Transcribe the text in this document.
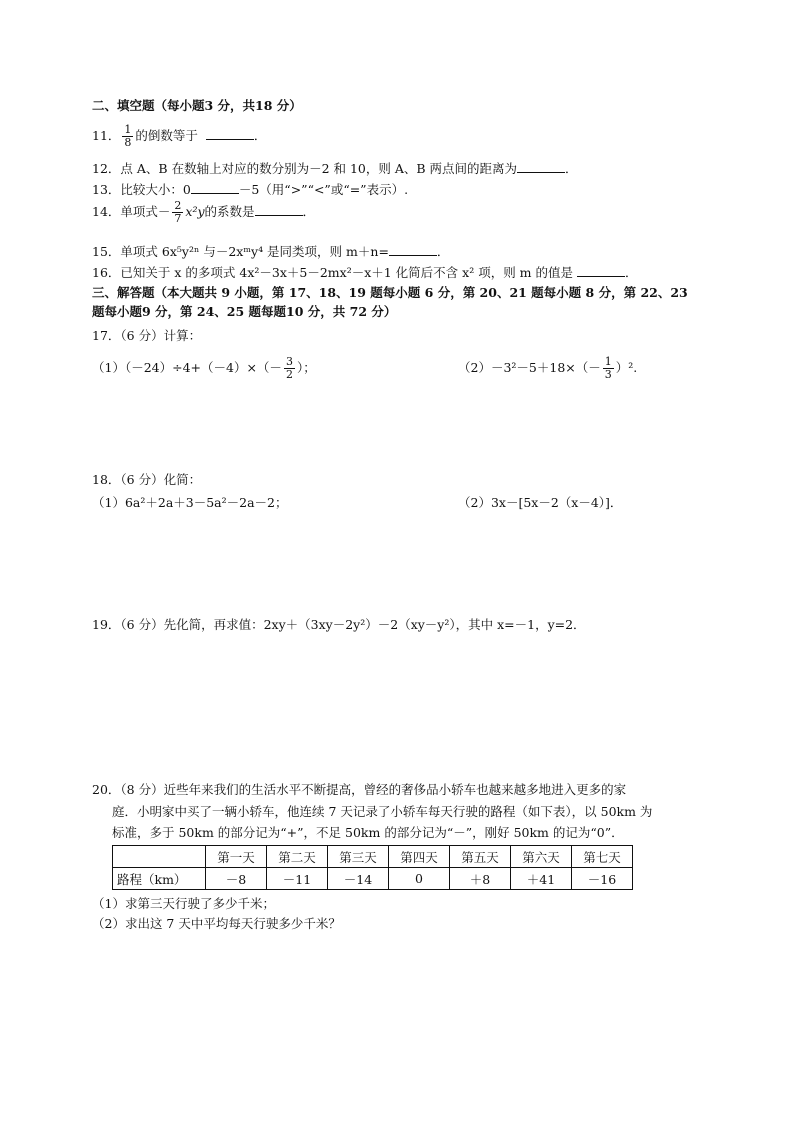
二、填空题（每小题3 分，共18 分）
11． $\frac{1}{8}$ 的倒数等于	．
12．点 A、B 在数轴上对应的数分别为－2 和 10，则 A、B 两点间的距离为	．
13．比较大小：0	－5（用“>”“<”或“=”表示）.
14．单项式－ $\frac{2}{7} x^2y$的系数是	．
15．单项式 6x⁵y²ⁿ 与－2xᵐy⁴ 是同类项，则 m＋n=	．
16．已知关于 x 的多项式 4x²－3x＋5－2mx²－x＋1 化简后不含 x² 项，则 m 的值是	．
三、解答题（本大题共 9 小题，第 17、18、19 题每小题 6 分，第 20、21 题每小题 8 分，第 22、23
题每小题9 分，第 24、25 题每题10 分，共 72 分）
17．（6 分）计算：
$(1)(-24)\div 4+(-4)\times(- \frac{3}{2}$ ）；	$(2)-3^2-5+18\times(- \frac{1}{3} )^2$.
18．（6 分）化简：
（1）6a²＋2a＋3－5a²－2a－2；	（2）3x－[5x－2（x－4）]．
19．（6 分）先化简，再求值：2xy＋（3xy－2y²）－2（xy－y²），其中 x=－1，y=2．
20．（8 分）近些年来我们的生活水平不断提高，曾经的奢侈品小轿车也越来越多地进入更多的家
庭．小明家中买了一辆小轿车，他连续 7 天记录了小轿车每天行驶的路程（如下表），以 50km 为
标准，多于 50km 的部分记为“+”，不足 50km 的部分记为“－”，刚好 50km 的记为“0”．
	第一天	第二天	第三天	第四天	第五天	第六天	第七天
路程（km）	－8	－11	－14	0	＋8	＋41	－16
（1）求第三天行驶了多少千米；
（2）求出这 7 天中平均每天行驶多少千米？
